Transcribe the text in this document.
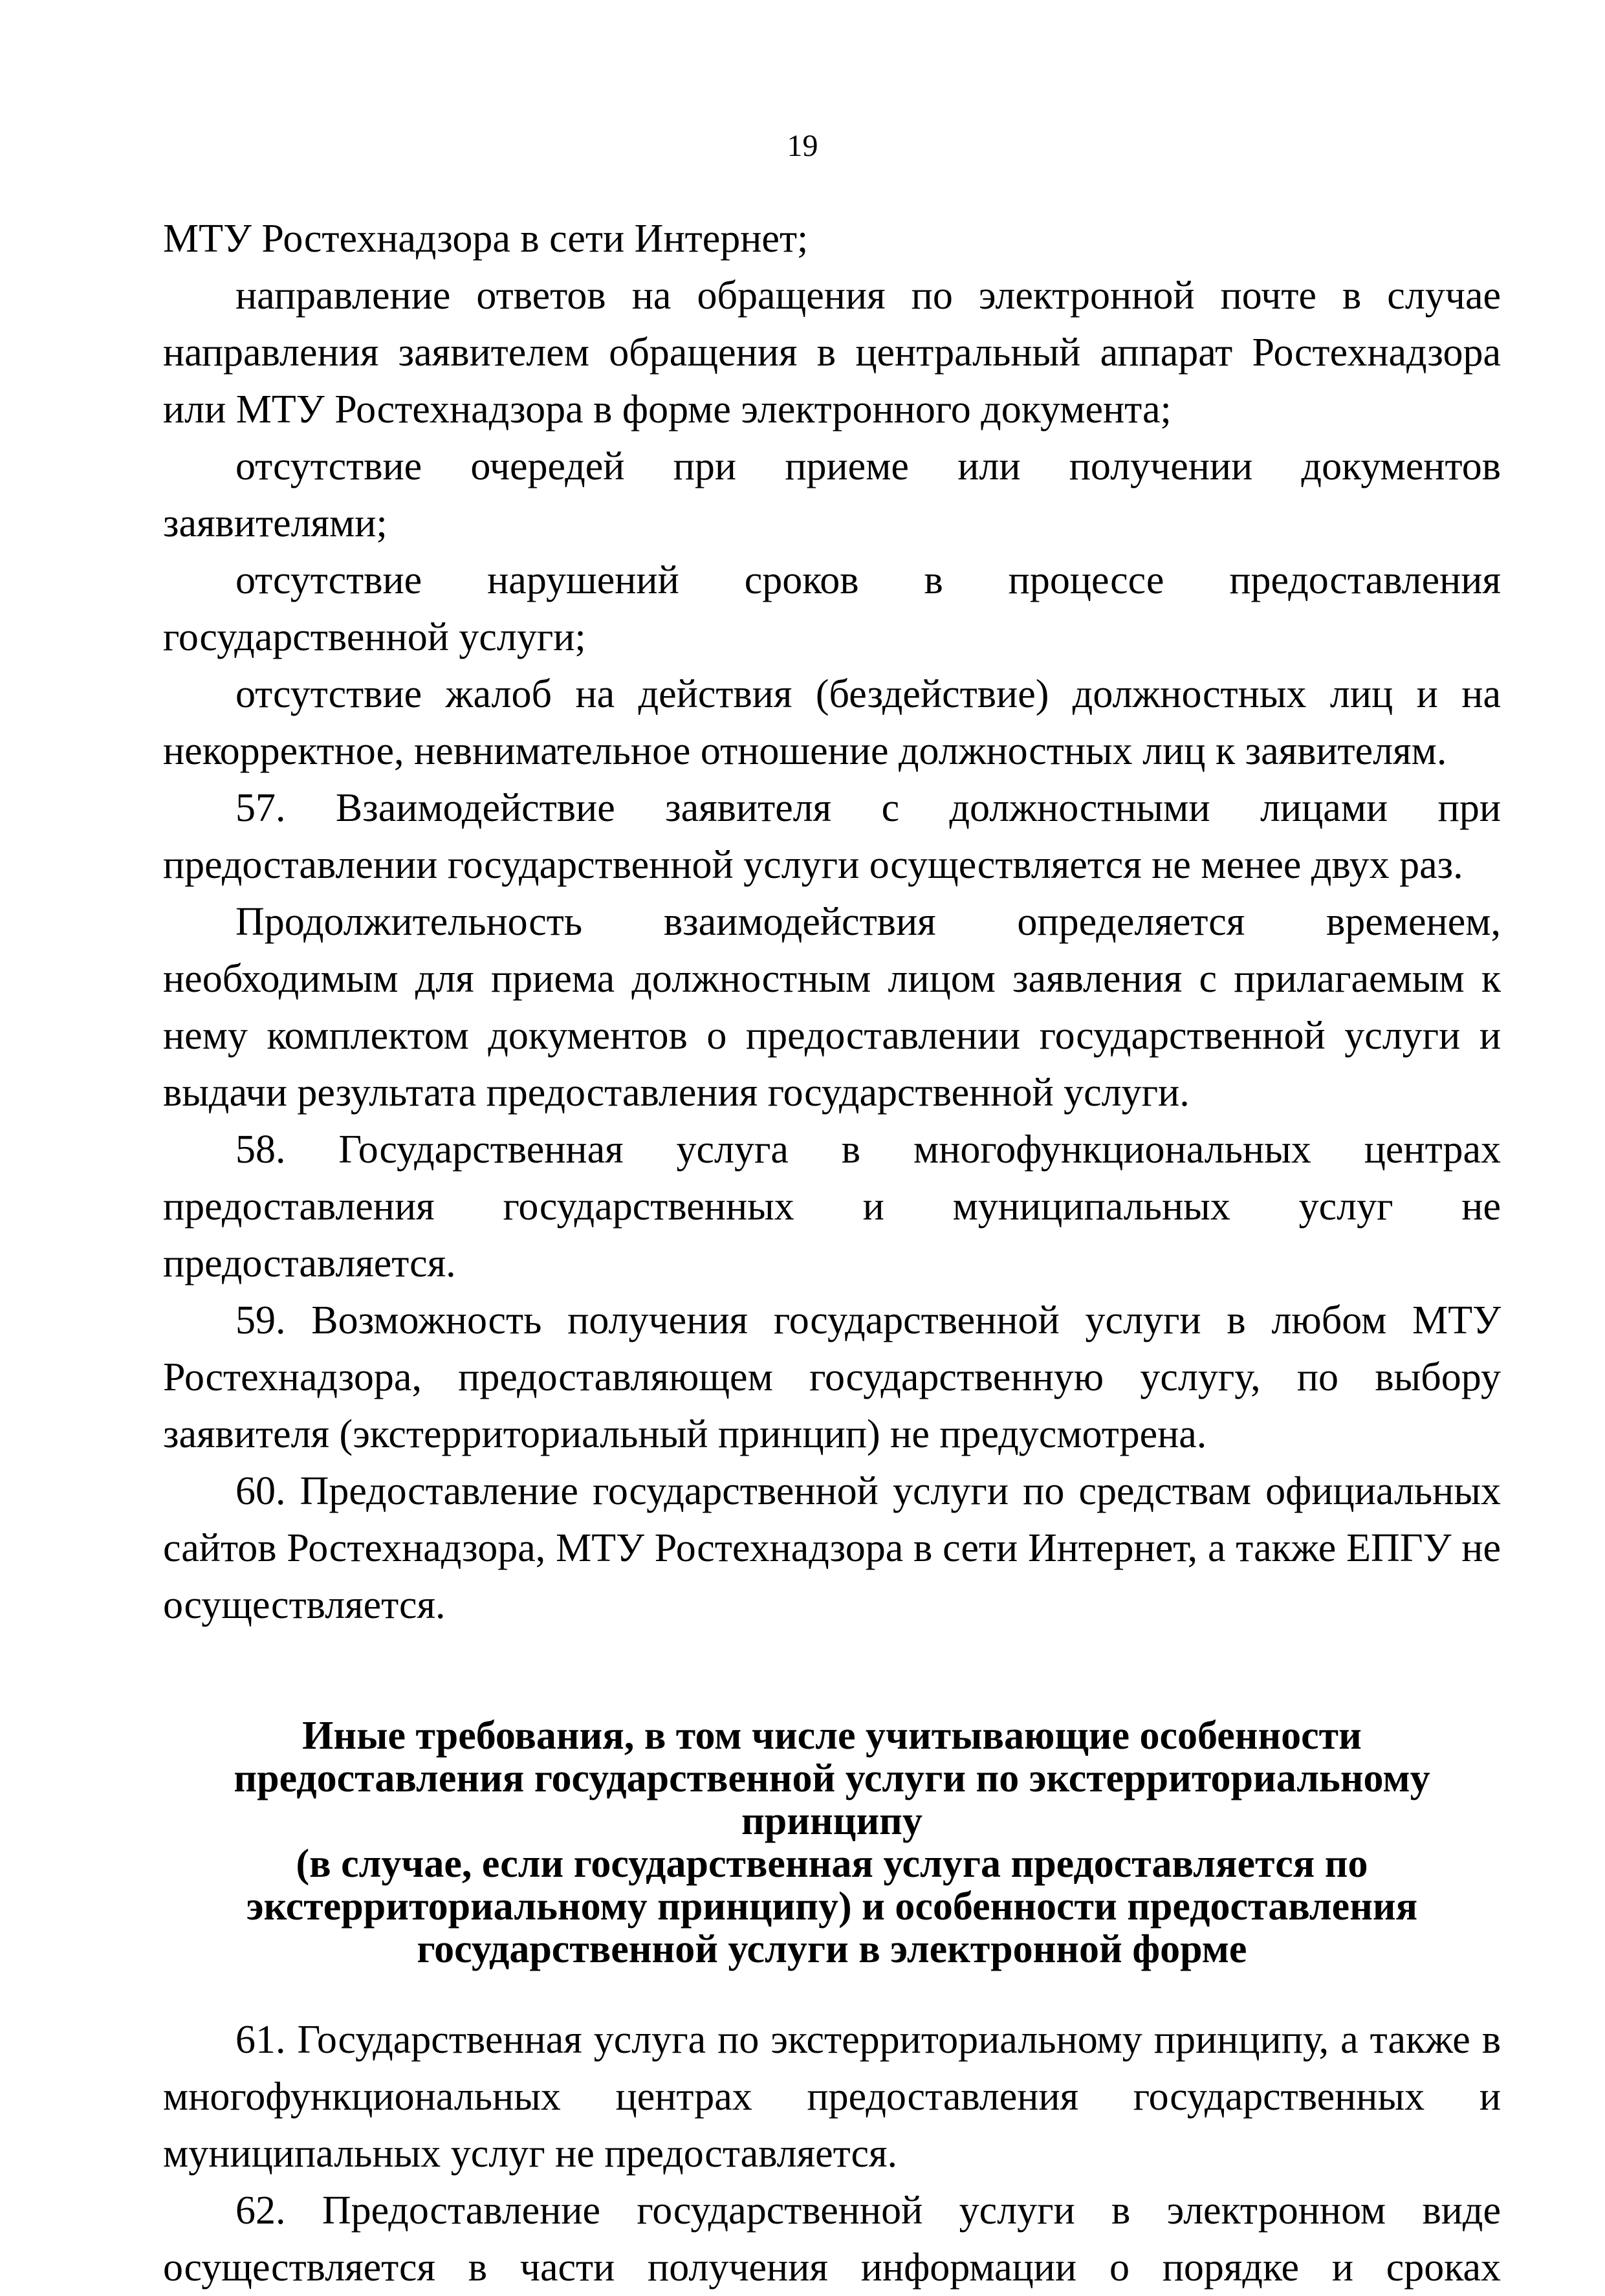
19

МТУ Ростехнадзора в сети Интернет;

направление ответов на обращения по электронной почте в случае направления заявителем обращения в центральный аппарат Ростехнадзора или МТУ Ростехнадзора в форме электронного документа;

отсутствие очередей при приеме или получении документов заявителями;

отсутствие нарушений сроков в процессе предоставления государственной услуги;

отсутствие жалоб на действия (бездействие) должностных лиц и на некорректное, невнимательное отношение должностных лиц к заявителям.

57. Взаимодействие заявителя с должностными лицами при предоставлении государственной услуги осуществляется не менее двух раз.

Продолжительность взаимодействия определяется временем, необходимым для приема должностным лицом заявления с прилагаемым к нему комплектом документов о предоставлении государственной услуги и выдачи результата предоставления государственной услуги.

58. Государственная услуга в многофункциональных центрах предоставления государственных и муниципальных услуг не предоставляется.

59. Возможность получения государственной услуги в любом МТУ Ростехнадзора, предоставляющем государственную услугу, по выбору заявителя (экстерриториальный принцип) не предусмотрена.

60. Предоставление государственной услуги по средствам официальных сайтов Ростехнадзора, МТУ Ростехнадзора в сети Интернет, а также ЕПГУ не осуществляется.

Иные требования, в том числе учитывающие особенности
предоставления государственной услуги по экстерриториальному принципу
(в случае, если государственная услуга предоставляется по
экстерриториальному принципу) и особенности предоставления
государственной услуги в электронной форме

61. Государственная услуга по экстерриториальному принципу, а также в многофункциональных центрах предоставления государственных и муниципальных услуг не предоставляется.

62. Предоставление государственной услуги в электронном виде осуществляется в части получения информации о порядке и сроках
